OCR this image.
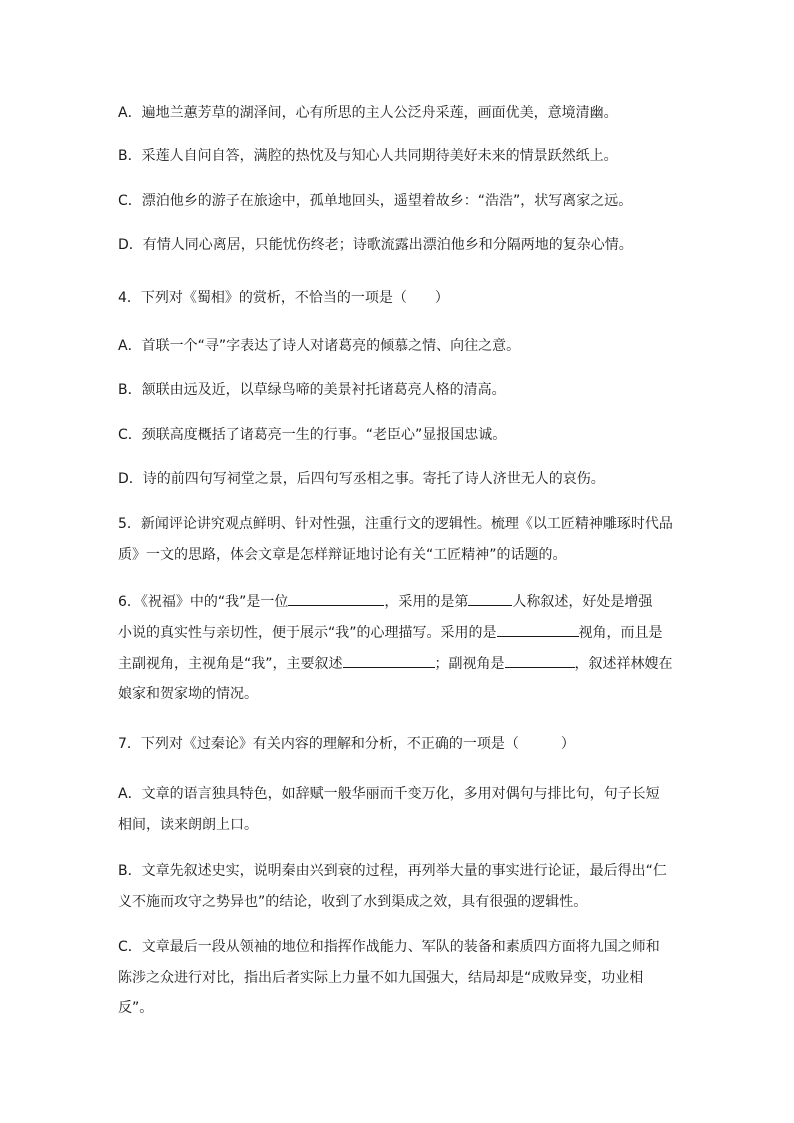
A．遍地兰蕙芳草的湖泽间，心有所思的主人公泛舟采莲，画面优美，意境清幽。
B．采莲人自问自答，满腔的热忱及与知心人共同期待美好未来的情景跃然纸上。
C．漂泊他乡的游子在旅途中，孤单地回头，遥望着故乡：“浩浩”，状写离家之远。
D．有情人同心离居，只能忧伤终老；诗歌流露出漂泊他乡和分隔两地的复杂心情。
4．下列对《蜀相》的赏析，不恰当的一项是（　　）
A．首联一个“寻”字表达了诗人对诸葛亮的倾慕之情、向往之意。
B．颔联由远及近，以草绿鸟啼的美景衬托诸葛亮人格的清高。
C．颈联高度概括了诸葛亮一生的行事。“老臣心”显报国忠诚。
D．诗的前四句写祠堂之景，后四句写丞相之事。寄托了诗人济世无人的哀伤。
5．新闻评论讲究观点鲜明、针对性强，注重行文的逻辑性。梳理《以工匠精神雕琢时代品
质》一文的思路，体会文章是怎样辩证地讨论有关“工匠精神”的话题的。
6．《祝福》中的“我”是一位	，采用的是第	人称叙述，好处是增强
小说的真实性与亲切性，便于展示“我”的心理描写。采用的是	视角，而且是
主副视角，主视角是“我”，主要叙述	；副视角是	，叙述祥林嫂在
娘家和贺家坳的情况。
7．下列对《过秦论》有关内容的理解和分析，不正确的一项是（　　　）
A．文章的语言独具特色，如辞赋一般华丽而千变万化，多用对偶句与排比句，句子长短
相间，读来朗朗上口。
B．文章先叙述史实，说明秦由兴到衰的过程，再列举大量的事实进行论证，最后得出“仁
义不施而攻守之势异也”的结论，收到了水到渠成之效，具有很强的逻辑性。
C．文章最后一段从领袖的地位和指挥作战能力、军队的装备和素质四方面将九国之师和
陈涉之众进行对比，指出后者实际上力量不如九国强大，结局却是“成败异变，功业相
反”。
